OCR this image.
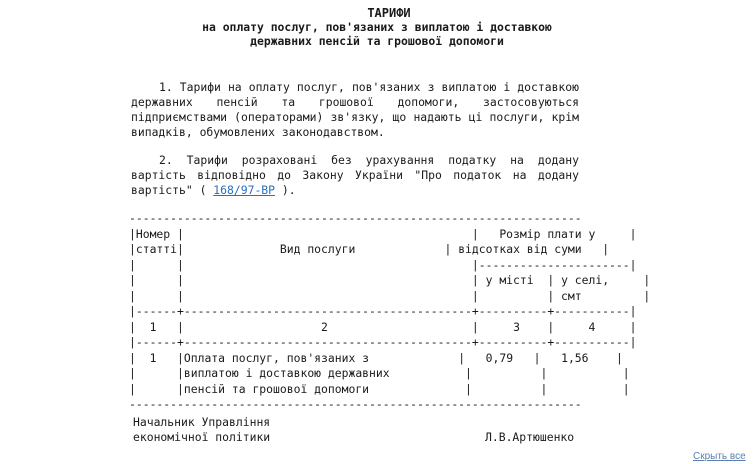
ТАРИФИ
на оплату послуг, пов'язаних з виплатою і доставкою
державних пенсій та грошової допомоги
1. Тарифи на оплату послуг, пов'язаних з виплатою і доставкою
державних пенсій та грошової допомоги, застосовуються
підприємствами (операторами) зв'язку, що надають ці послуги, крім
випадків, обумовлених законодавством.
2. Тарифи розраховані без урахування податку на додану
вартість відповідно до Закону України "Про податок на додану
вартість" ( 168/97-ВР ).
------------------------------------------------------------------
|Номер |                                          |   Розмір плати у	|
|статті|              Вид послуги             | відсотках від суми   |
|      |                                          |----------------------|
|      |                                          | у місті  | у селі,	|
|      |                                          |          | смт	|
|------+------------------------------------------+----------+-----------|
|  1   |                    2                     |     3    |     4	|
|------+------------------------------------------+----------+-----------|
|  1   |Оплата послуг, пов'язаних з             |   0,79   |   1,56    |
|      |виплатою і доставкою державних	|          |           |
|      |пенсій та грошової допомоги	|          |           |
------------------------------------------------------------------
Начальник Управління
економічної політики	Л.В.Артюшенко
Скрыть все
